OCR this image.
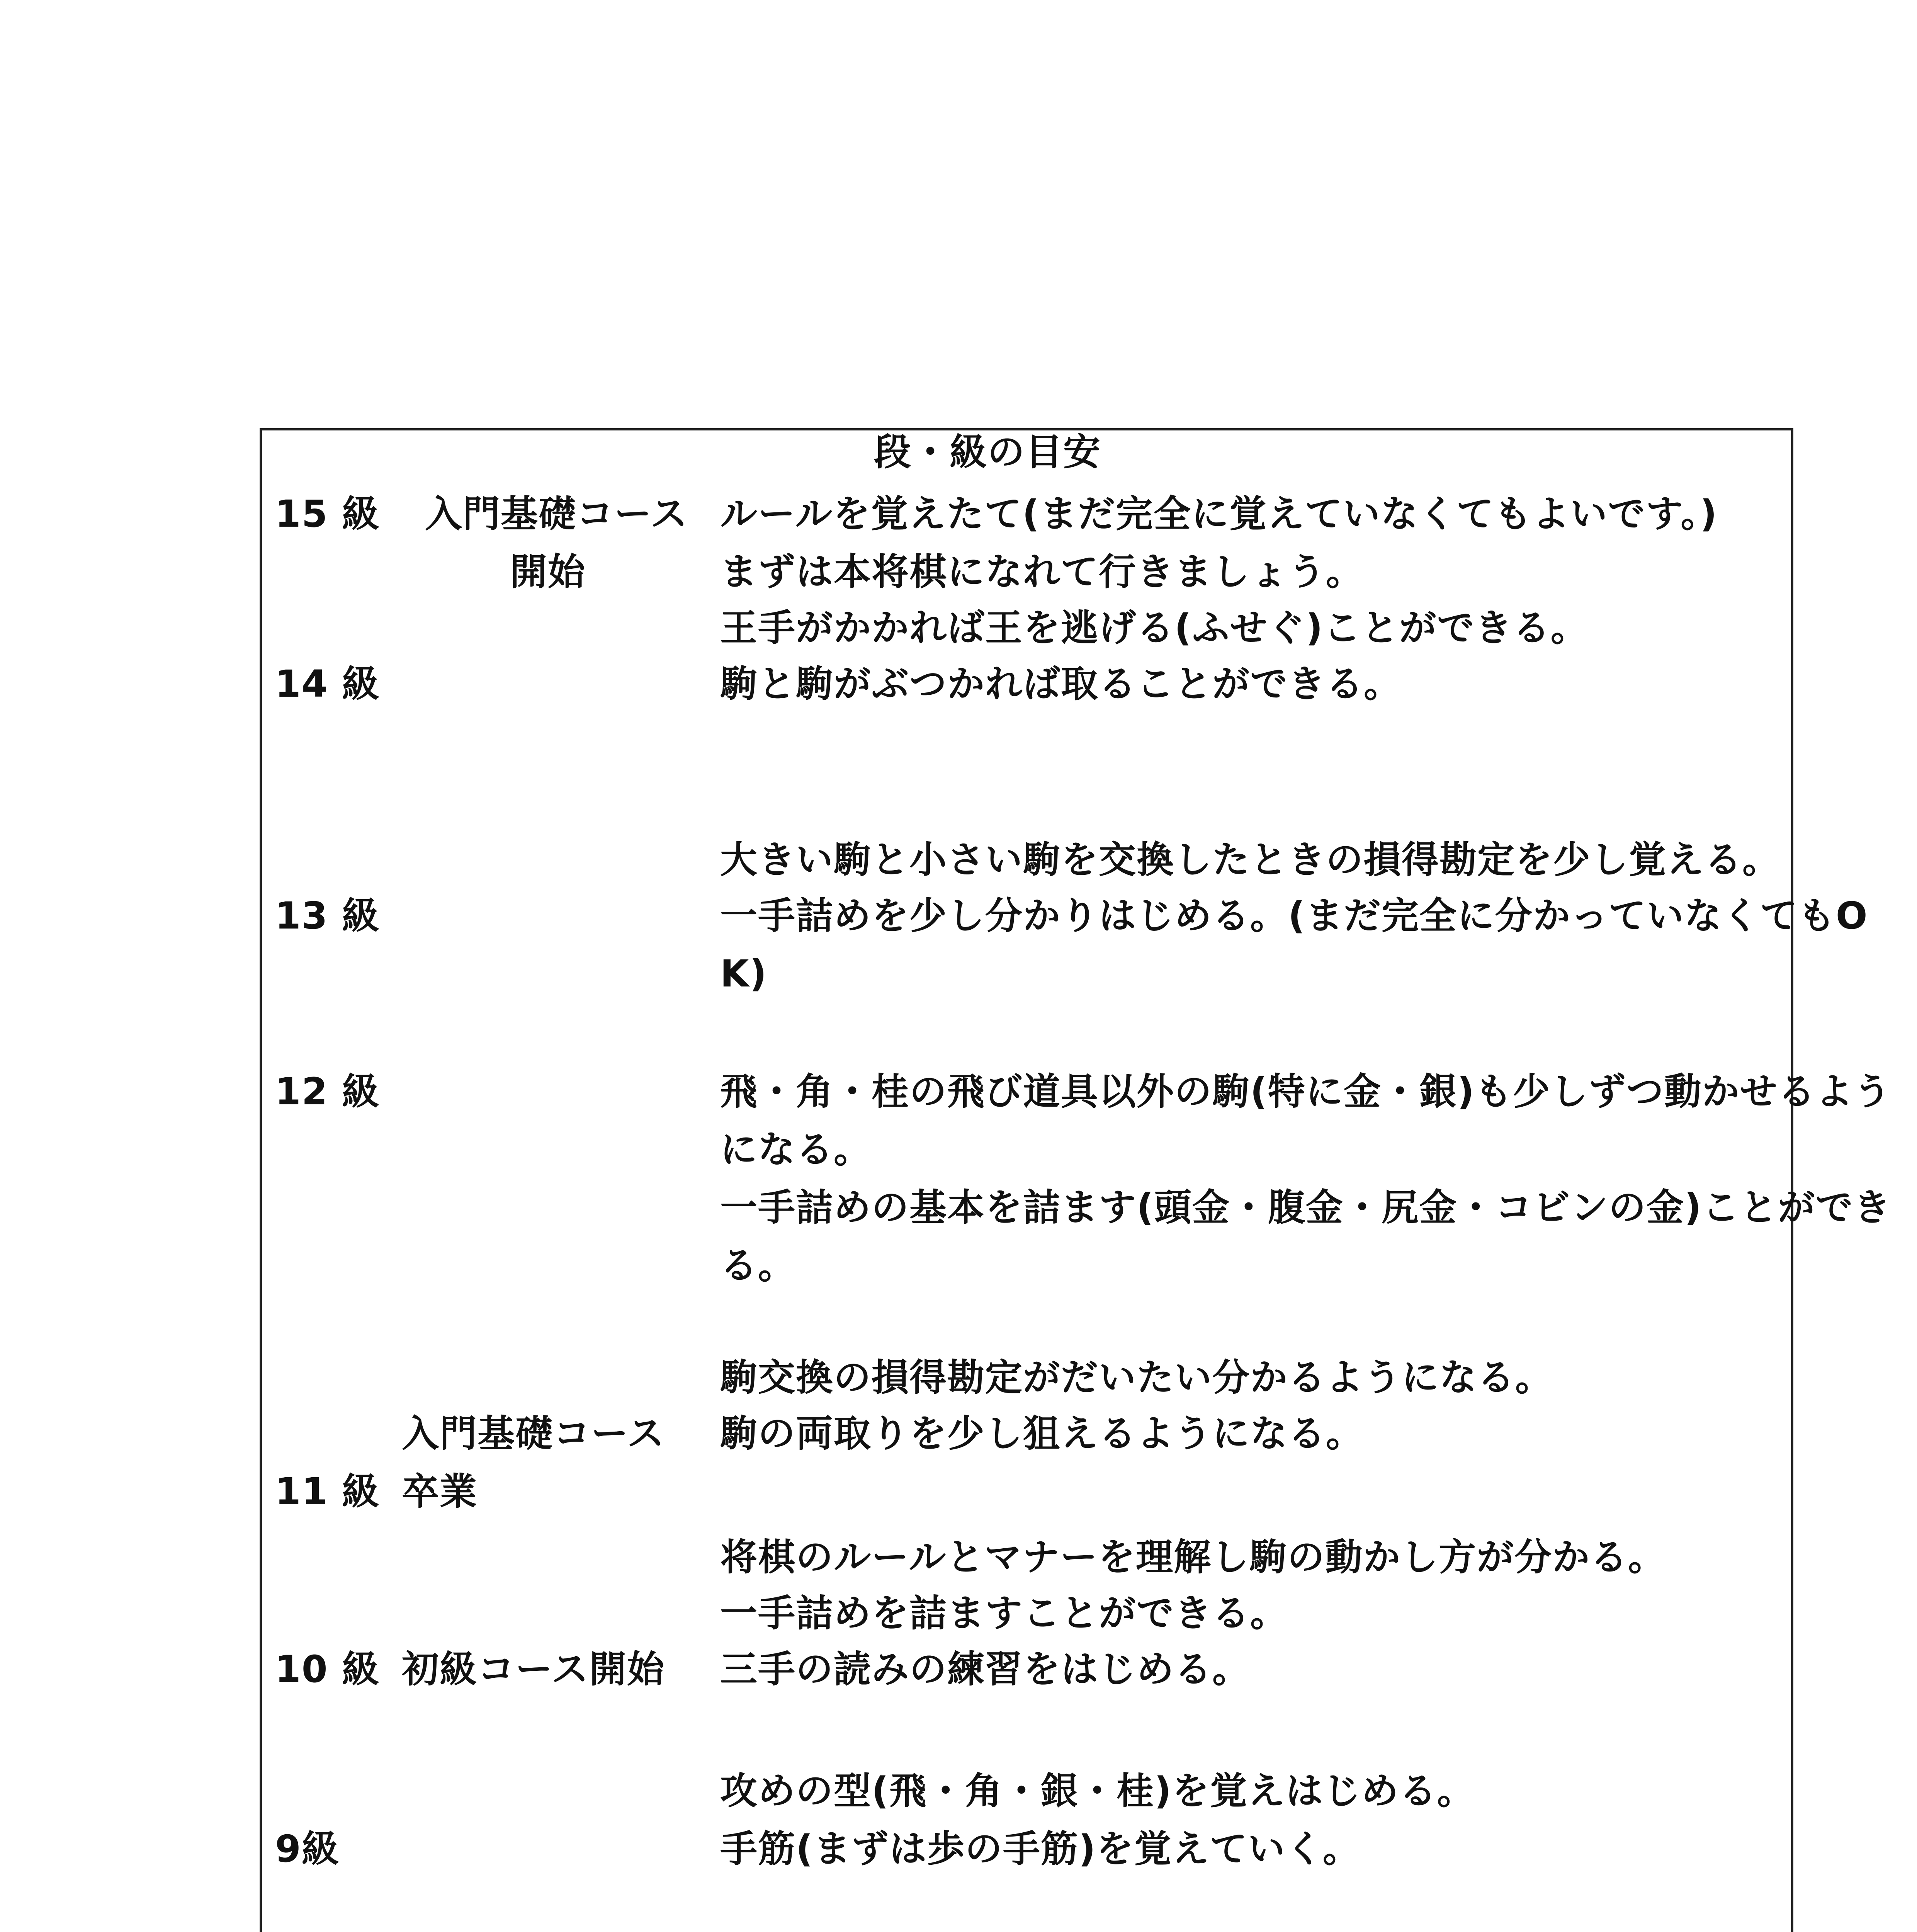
段・級の目安
15 級
14 級
13 級
12 級
11 級
10 級
9級
入門基礎コース
開始
入門基礎コース
卒業
初級コース開始
ルールを覚えたて(まだ完全に覚えていなくてもよいです。)
まずは本将棋になれて行きましょう。
王手がかかれば王を逃げる(ふせぐ)ことができる。
駒と駒がぶつかれば取ることができる。
大きい駒と小さい駒を交換したときの損得勘定を少し覚える。
一手詰めを少し分かりはじめる。(まだ完全に分かっていなくてもO
K)
飛・角・桂の飛び道具以外の駒(特に金・銀)も少しずつ動かせるよう
になる。
一手詰めの基本を詰ます(頭金・腹金・尻金・コビンの金)ことができ
る。
駒交換の損得勘定がだいたい分かるようになる。
駒の両取りを少し狙えるようになる。
将棋のルールとマナーを理解し駒の動かし方が分かる。
一手詰めを詰ますことができる。
三手の読みの練習をはじめる。
攻めの型(飛・角・銀・桂)を覚えはじめる。
手筋(まずは歩の手筋)を覚えていく。
